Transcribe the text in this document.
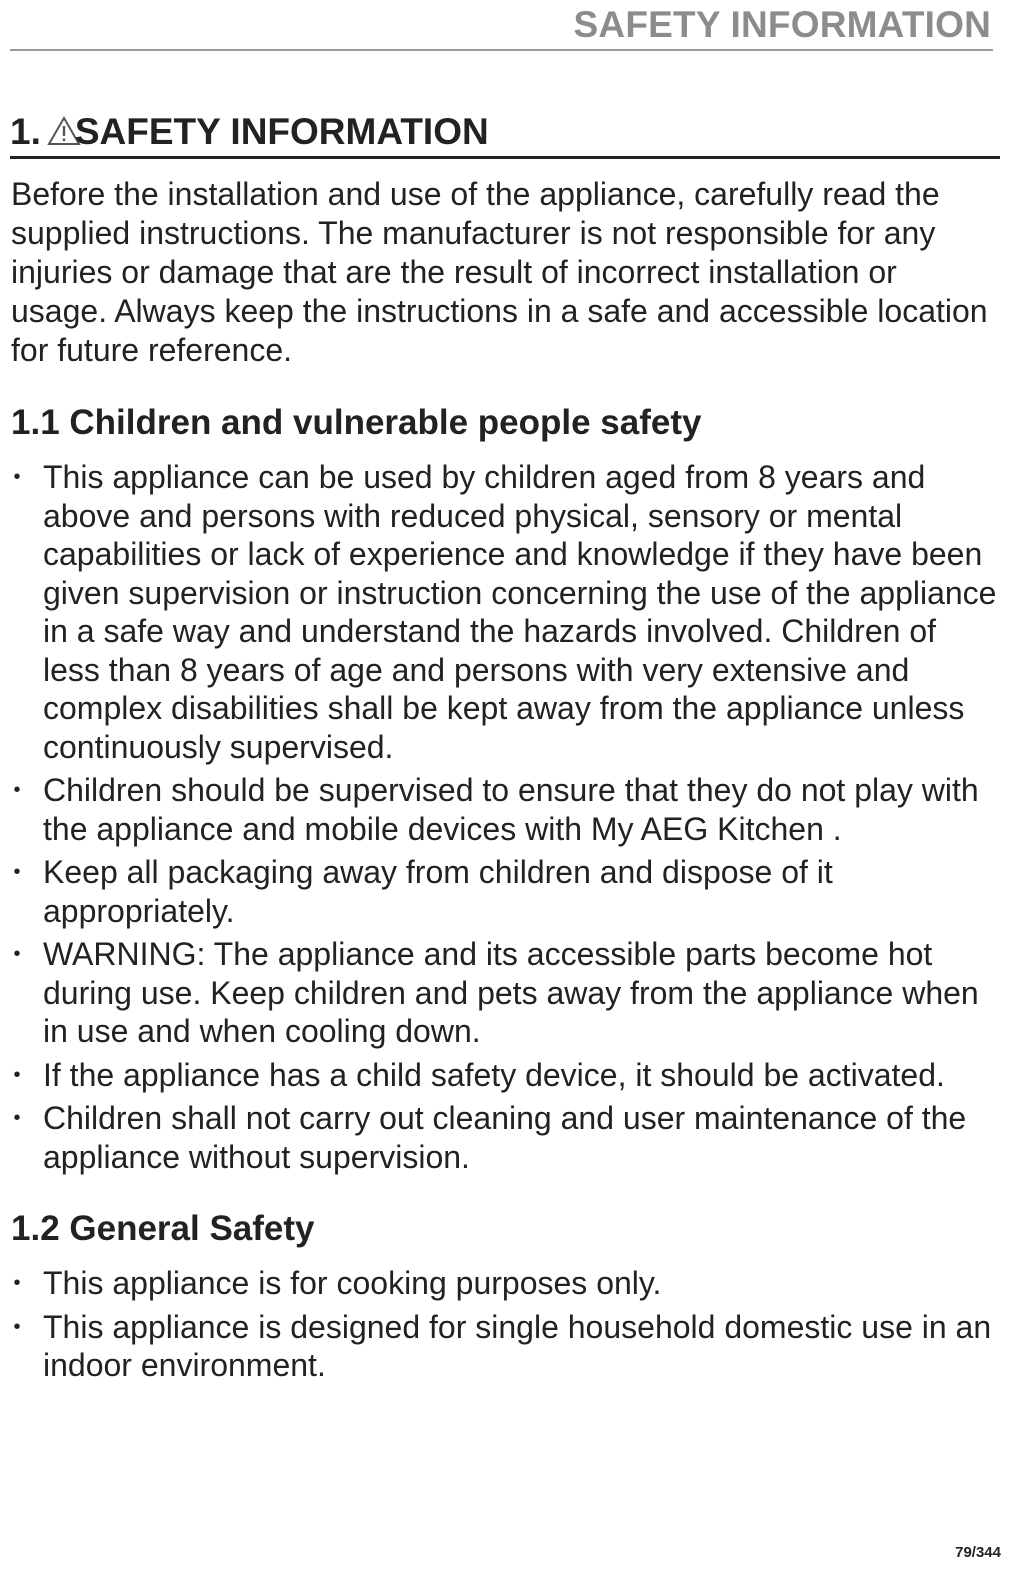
SAFETY INFORMATION
1. SAFETY INFORMATION

Before the installation and use of the appliance, carefully read the supplied instructions. The manufacturer is not responsible for any injuries or damage that are the result of incorrect installation or usage. Always keep the instructions in a safe and accessible location for future reference.

1.1 Children and vulnerable people safety
• This appliance can be used by children aged from 8 years and above and persons with reduced physical, sensory or mental capabilities or lack of experience and knowledge if they have been given supervision or instruction concerning the use of the appliance in a safe way and understand the hazards involved. Children of less than 8 years of age and persons with very extensive and complex disabilities shall be kept away from the appliance unless continuously supervised.
• Children should be supervised to ensure that they do not play with the appliance and mobile devices with My AEG Kitchen .
• Keep all packaging away from children and dispose of it appropriately.
• WARNING: The appliance and its accessible parts become hot during use. Keep children and pets away from the appliance when in use and when cooling down.
• If the appliance has a child safety device, it should be activated.
• Children shall not carry out cleaning and user maintenance of the appliance without supervision.
1.2 General Safety
• This appliance is for cooking purposes only.
• This appliance is designed for single household domestic use in an indoor environment.
79/344
